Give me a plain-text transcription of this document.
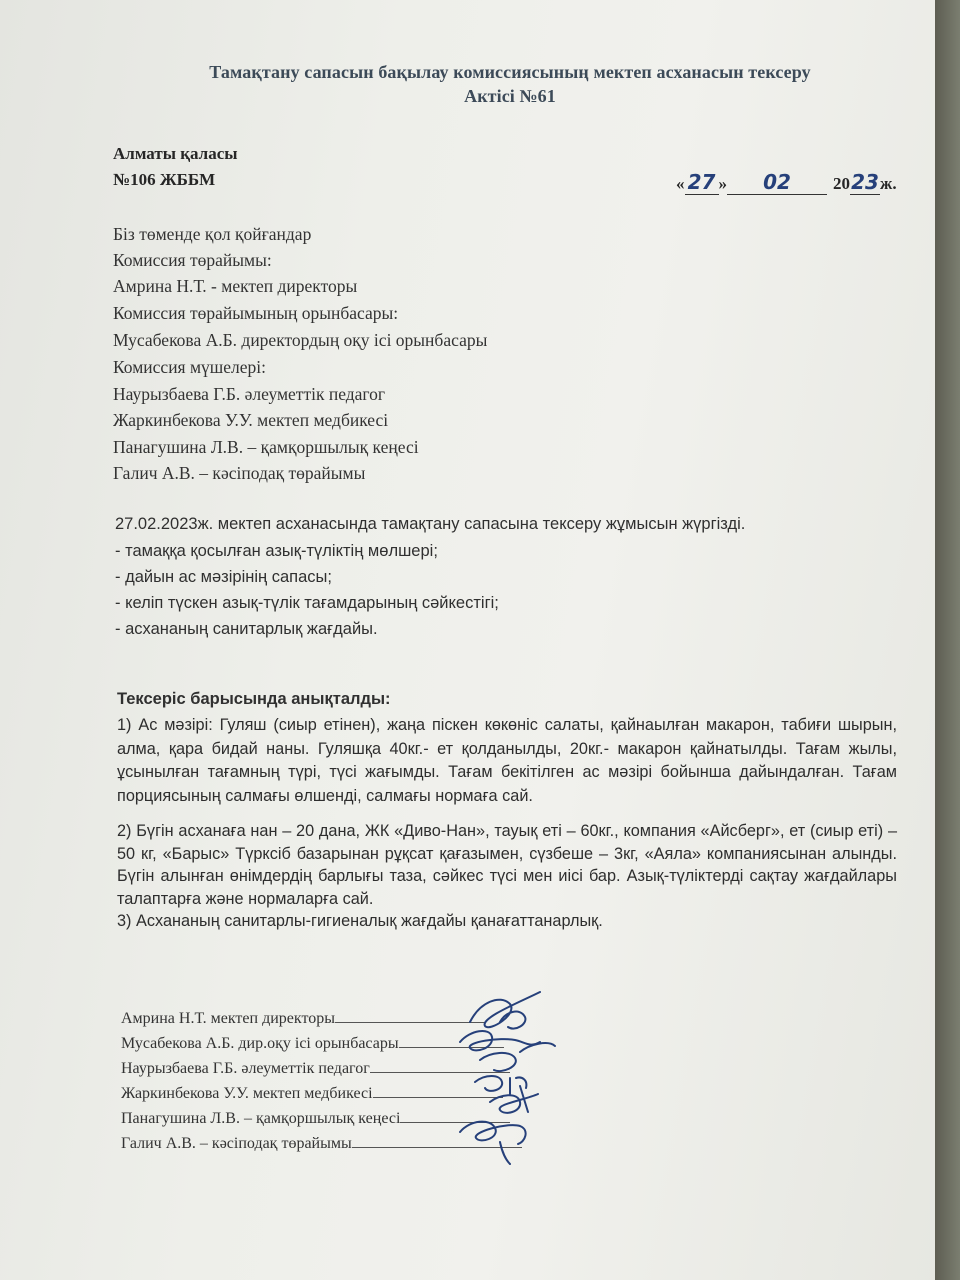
Тамақтану сапасын бақылау комиссиясының мектеп асханасын тексеру
Актісі №61
Алматы қаласы
№106 ЖББМ	« 27 » 02 2023ж.
Біз төменде қол қойғандар
Комиссия төрайымы:
Амрина Н.Т. - мектеп директоры
Комиссия төрайымының орынбасары:
Мусабекова А.Б. директордың оқу ісі орынбасары
Комиссия мүшелері:
Наурызбаева Г.Б. әлеуметтік педагог
Жаркинбекова У.У. мектеп медбикесі
Панагушина Л.В. – қамқоршылық кеңесі
Галич А.В. – кәсіподақ төрайымы
27.02.2023ж. мектеп асханасында тамақтану сапасына тексеру жұмысын жүргізді.
- тамаққа қосылған азық-түліктің мөлшері;
- дайын ас мәзірінің сапасы;
- келіп түскен азық-түлік тағамдарының сәйкестігі;
- асхананың санитарлық жағдайы.
Тексеріс барысында анықталды:
1) Ас мәзірі: Гуляш (сиыр етінен), жаңа піскен көкөніс салаты, қайнаылған макарон, табиғи шырын, алма, қара бидай наны. Гуляшқа 40кг.- ет қолданылды, 20кг.- макарон қайнатылды. Тағам жылы, ұсынылған тағамның түрі, түсі жағымды. Тағам бекітілген ас мәзірі бойынша дайындалған. Тағам порциясының салмағы өлшенді, салмағы нормаға сай.
2) Бүгін асханаға нан – 20 дана, ЖК «Диво-Нан», тауық еті – 60кг., компания «Айсберг», ет (сиыр еті) – 50 кг, «Барыс» Түрксіб базарынан рұқсат қағазымен, сүзбеше – 3кг, «Аяла» компаниясынан алынды. Бүгін алынған өнімдердің барлығы таза, сәйкес түсі мен иісі бар. Азық-түліктерді сақтау жағдайлары талаптарға және нормаларға сай.
3) Асхананың санитарлы-гигиеналық жағдайы қанағаттанарлық.
Амрина Н.Т. мектеп директоры
Мусабекова А.Б. дир.оқу ісі орынбасары
Наурызбаева Г.Б. әлеуметтік педагог
Жаркинбекова У.У. мектеп медбикесі
Панагушина Л.В. – қамқоршылық кеңесі
Галич А.В. – кәсіподақ төрайымы
